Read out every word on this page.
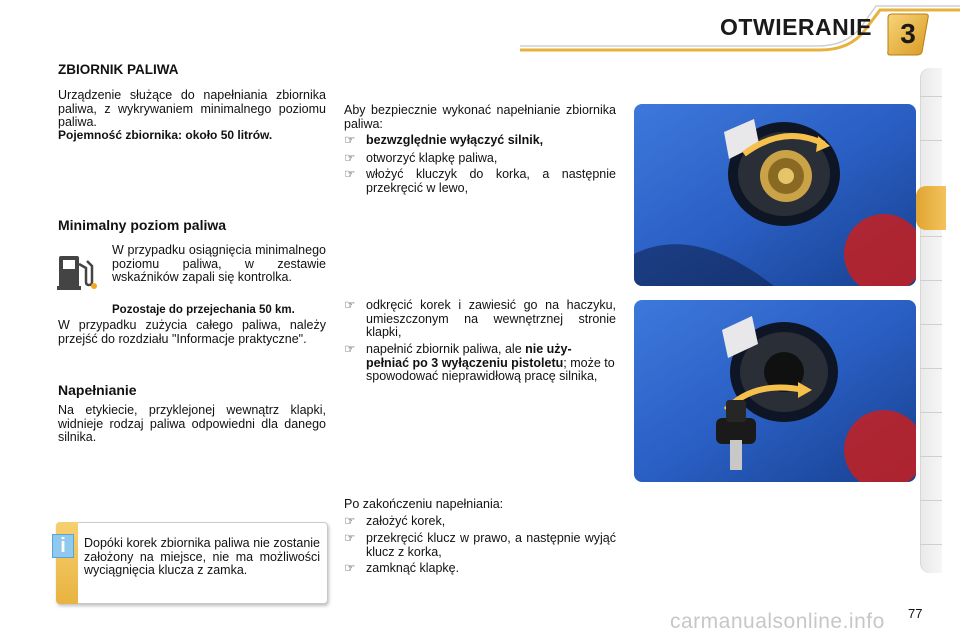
OTWIERANIE	3
ZBIORNIK PALIWA
Urządzenie służące do napełniania zbiornika paliwa, z wykrywaniem minimalnego poziomu paliwa.
Pojemność zbiornika: około 50 litrów.
Minimalny poziom paliwa
W przypadku osiągnięcia minimalnego poziomu paliwa, w zestawie wskaźników zapali się kontrolka.
Pozostaje do przejechania 50 km.
W przypadku zużycia całego paliwa, należy przejść do rozdziału "Informacje praktyczne".
Napełnianie
Na etykiecie, przyklejonej wewnątrz klapki, widnieje rodzaj paliwa odpowiedni dla danego silnika.
i	Dopóki korek zbiornika paliwa nie zostanie założony na miejsce, nie ma możliwości wyciągnięcia klucza z zamka.
Aby bezpiecznie wykonać napełnianie zbiornika paliwa:
☞ bezwzględnie wyłączyć silnik,
☞ otworzyć klapkę paliwa,
☞ włożyć kluczyk do korka, a następnie przekręcić w lewo,
☞ odkręcić korek i zawiesić go na haczyku, umieszczonym na wewnętrznej stronie klapki,
☞ napełnić zbiornik paliwa, ale nie uży- pełniać po 3 wyłączeniu pistoletu; może to spowodować nieprawidłową pracę silnika,
Po zakończeniu napełniania:
☞ założyć korek,
☞ przekręcić klucz w prawo, a następnie wyjąć klucz z korka,
☞ zamknąć klapkę.
77
carmanualsonline.info
